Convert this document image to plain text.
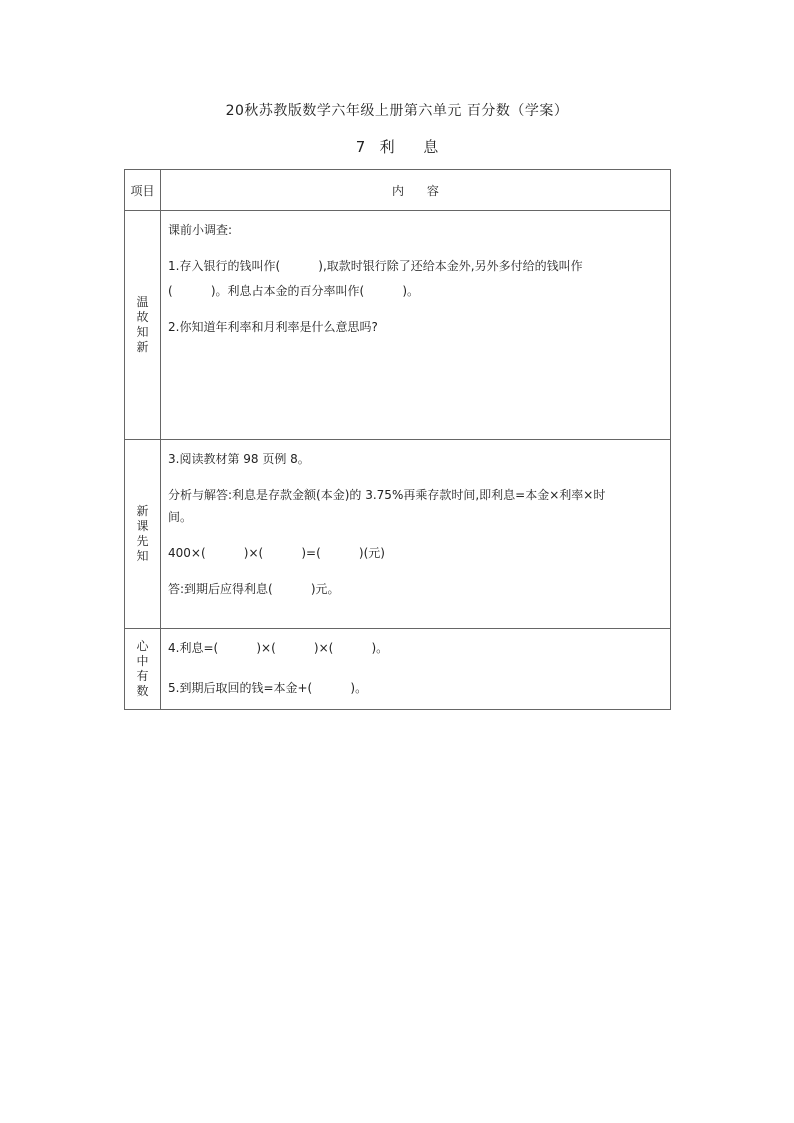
20秋苏教版数学六年级上册第六单元 百分数（学案）
7   利      息
项目	内      容
温故知新	课前小调查:

1.存入银行的钱叫作(          ),取款时银行除了还给本金外,另外多付给的钱叫作

(          )。利息占本金的百分率叫作(          )。

2.你知道年利率和月利率是什么意思吗?

新课先知	3.阅读教材第 98 页例 8。

分析与解答:利息是存款金额(本金)的 3.75%再乘存款时间,即利息=本金×利率×时

间。

400×(          )×(          )=(          )(元)

答:到期后应得利息(          )元。

心中有数	4.利息=(          )×(          )×(          )。

5.到期后取回的钱=本金+(          )。
